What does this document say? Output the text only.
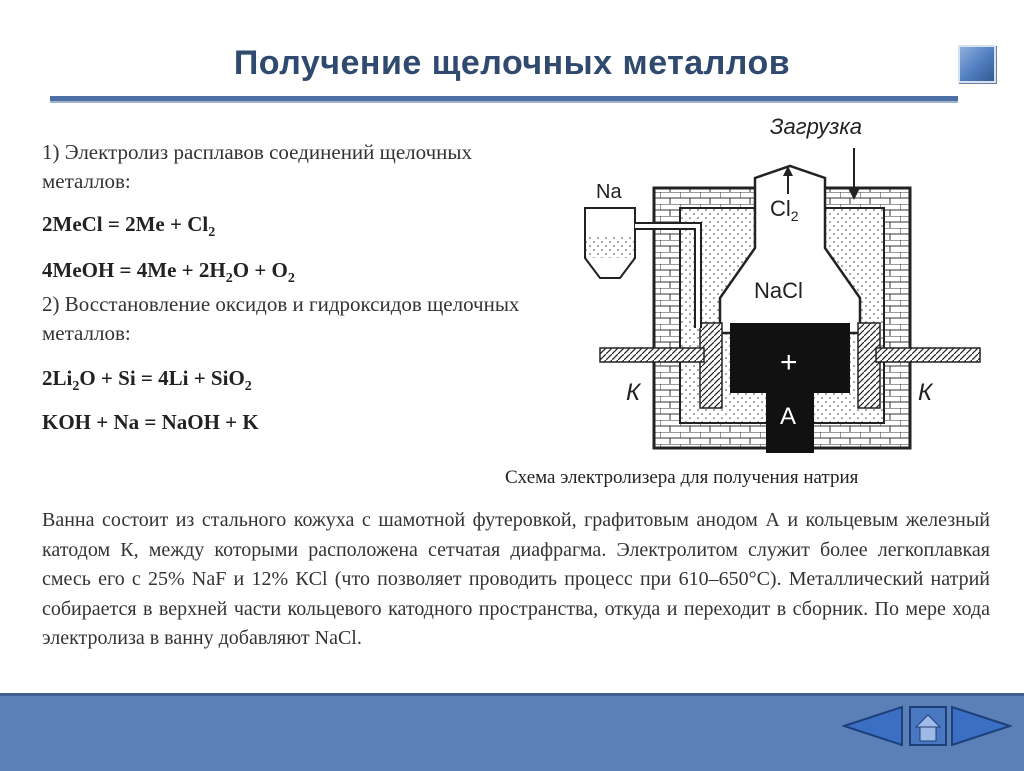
Получение щелочных металлов
1) Электролиз расплавов соединений щелочных металлов:
2MeCl = $2Me + Cl_2$
4MeOH = $4Me + 2H_2O + O_2$
2) Восстановление оксидов и гидроксидов щелочных металлов:
$2Li_2O + Si = 4Li + SiO_2$
KOH + Na = NaOH + K
Загрузка
Na
$Cl_2$
NaCl
+
A
К	К
Схема электролизера для получения натрия
Ванна состоит из стального кожуха с шамотной футеровкой, графитовым анодом А и кольцевым железный катодом К, между которыми расположена сетчатая диафрагма. Электролитом служит более легкоплавкая смесь его с 25% NaF и 12% КCl (что позволяет проводить процесс при 610–650°С). Металлический натрий собирается в верхней части кольцевого катодного пространства, откуда и переходит в сборник. По мере хода электролиза в ванну добавляют NaCl.
